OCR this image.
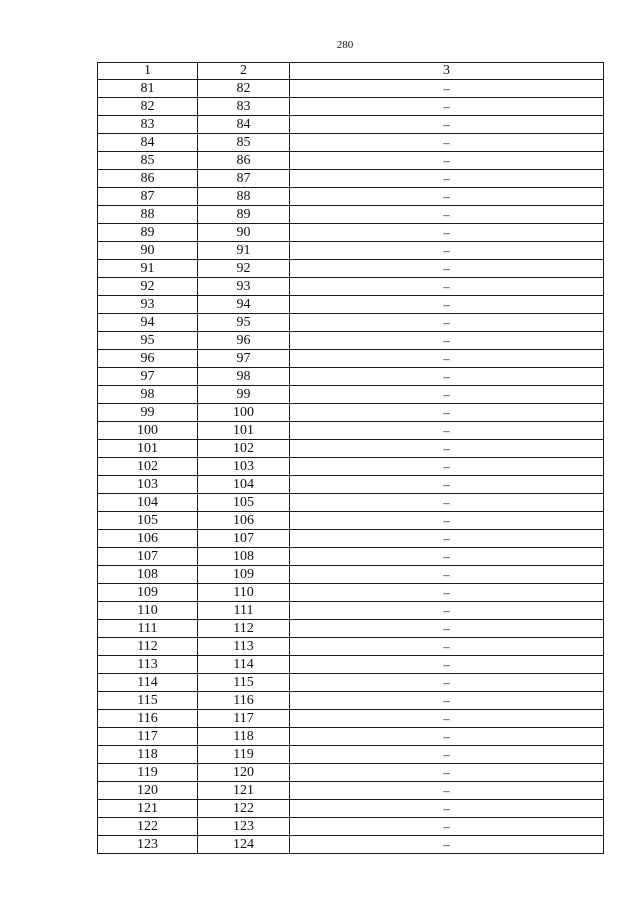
280
1	2	3
81	82	–
82	83	–
83	84	–
84	85	–
85	86	–
86	87	–
87	88	–
88	89	–
89	90	–
90	91	–
91	92	–
92	93	–
93	94	–
94	95	–
95	96	–
96	97	–
97	98	–
98	99	–
99	100	–
100	101	–
101	102	–
102	103	–
103	104	–
104	105	–
105	106	–
106	107	–
107	108	–
108	109	–
109	110	–
110	111	–
111	112	–
112	113	–
113	114	–
114	115	–
115	116	–
116	117	–
117	118	–
118	119	–
119	120	–
120	121	–
121	122	–
122	123	–
123	124	–
